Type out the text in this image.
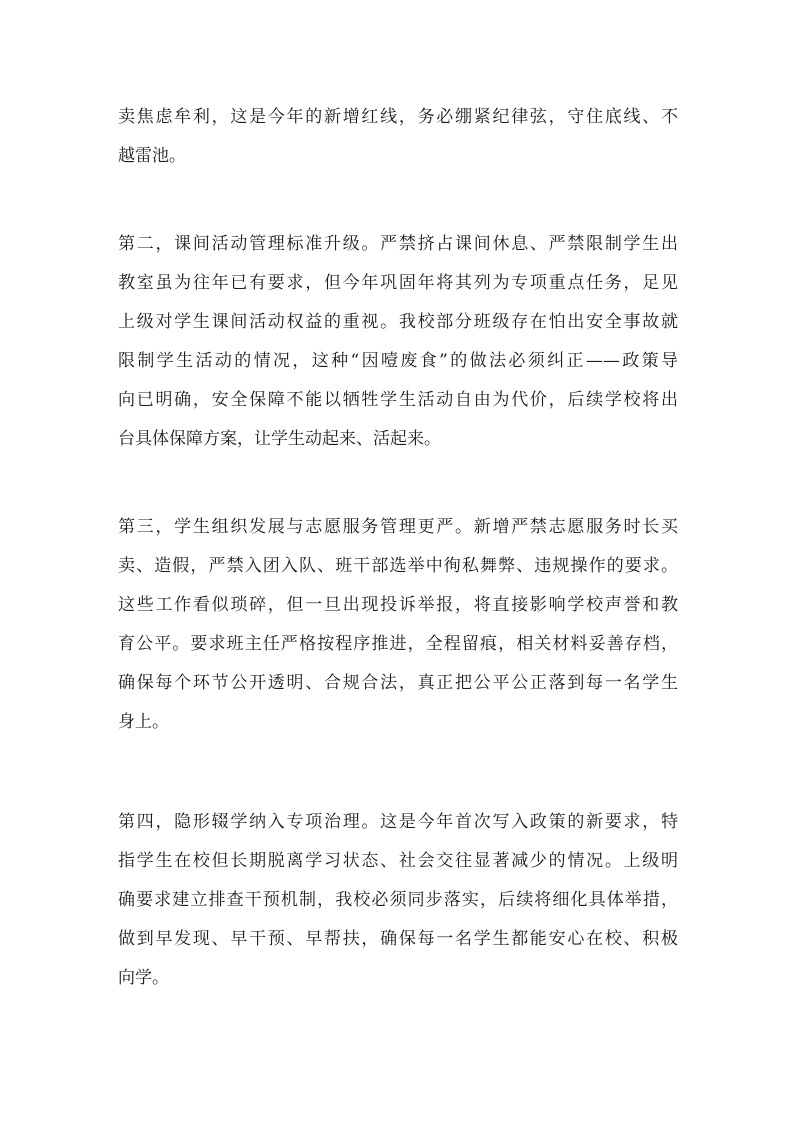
卖焦虑牟利，这是今年的新增红线，务必绷紧纪律弦，守住底线、不
越雷池。

第二，课间活动管理标准升级。严禁挤占课间休息、严禁限制学生出
教室虽为往年已有要求，但今年巩固年将其列为专项重点任务，足见
上级对学生课间活动权益的重视。我校部分班级存在怕出安全事故就
限制学生活动的情况，这种“因噎废食”的做法必须纠正——政策导
向已明确，安全保障不能以牺牲学生活动自由为代价，后续学校将出
台具体保障方案，让学生动起来、活起来。

第三，学生组织发展与志愿服务管理更严。新增严禁志愿服务时长买
卖、造假，严禁入团入队、班干部选举中徇私舞弊、违规操作的要求。
这些工作看似琐碎，但一旦出现投诉举报，将直接影响学校声誉和教
育公平。要求班主任严格按程序推进，全程留痕，相关材料妥善存档，
确保每个环节公开透明、合规合法，真正把公平公正落到每一名学生
身上。

第四，隐形辍学纳入专项治理。这是今年首次写入政策的新要求，特
指学生在校但长期脱离学习状态、社会交往显著减少的情况。上级明
确要求建立排查干预机制，我校必须同步落实，后续将细化具体举措，
做到早发现、早干预、早帮扶，确保每一名学生都能安心在校、积极
向学。
